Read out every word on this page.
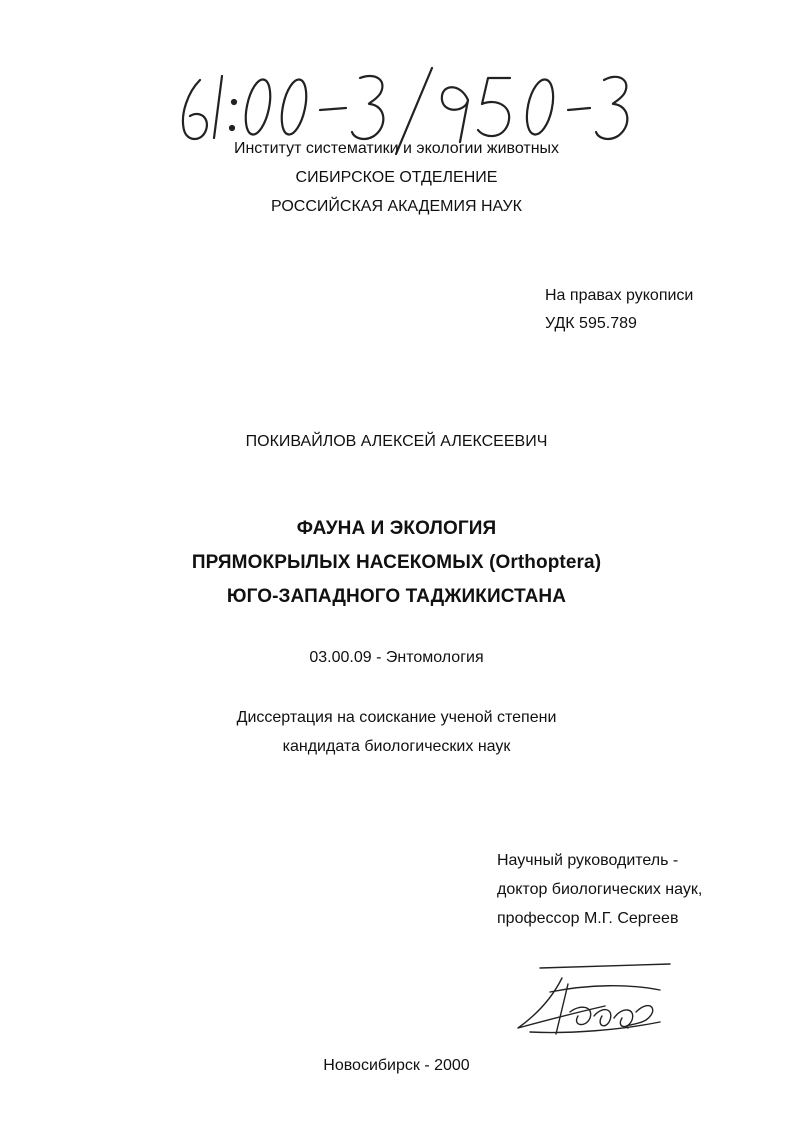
Институт систематики и экологии животных
СИБИРСКОЕ ОТДЕЛЕНИЕ
РОССИЙСКАЯ АКАДЕМИЯ НАУК
На правах рукописи
УДК 595.789
ПОКИВАЙЛОВ АЛЕКСЕЙ АЛЕКСЕЕВИЧ
ФАУНА И ЭКОЛОГИЯ
ПРЯМОКРЫЛЫХ НАСЕКОМЫХ (Orthoptera)
ЮГО-ЗАПАДНОГО ТАДЖИКИСТАНА
03.00.09 - Энтомология
Диссертация на соискание ученой степени
кандидата биологических наук
Научный руководитель -
доктор биологических наук,
профессор М.Г. Сергеев
Новосибирск - 2000
